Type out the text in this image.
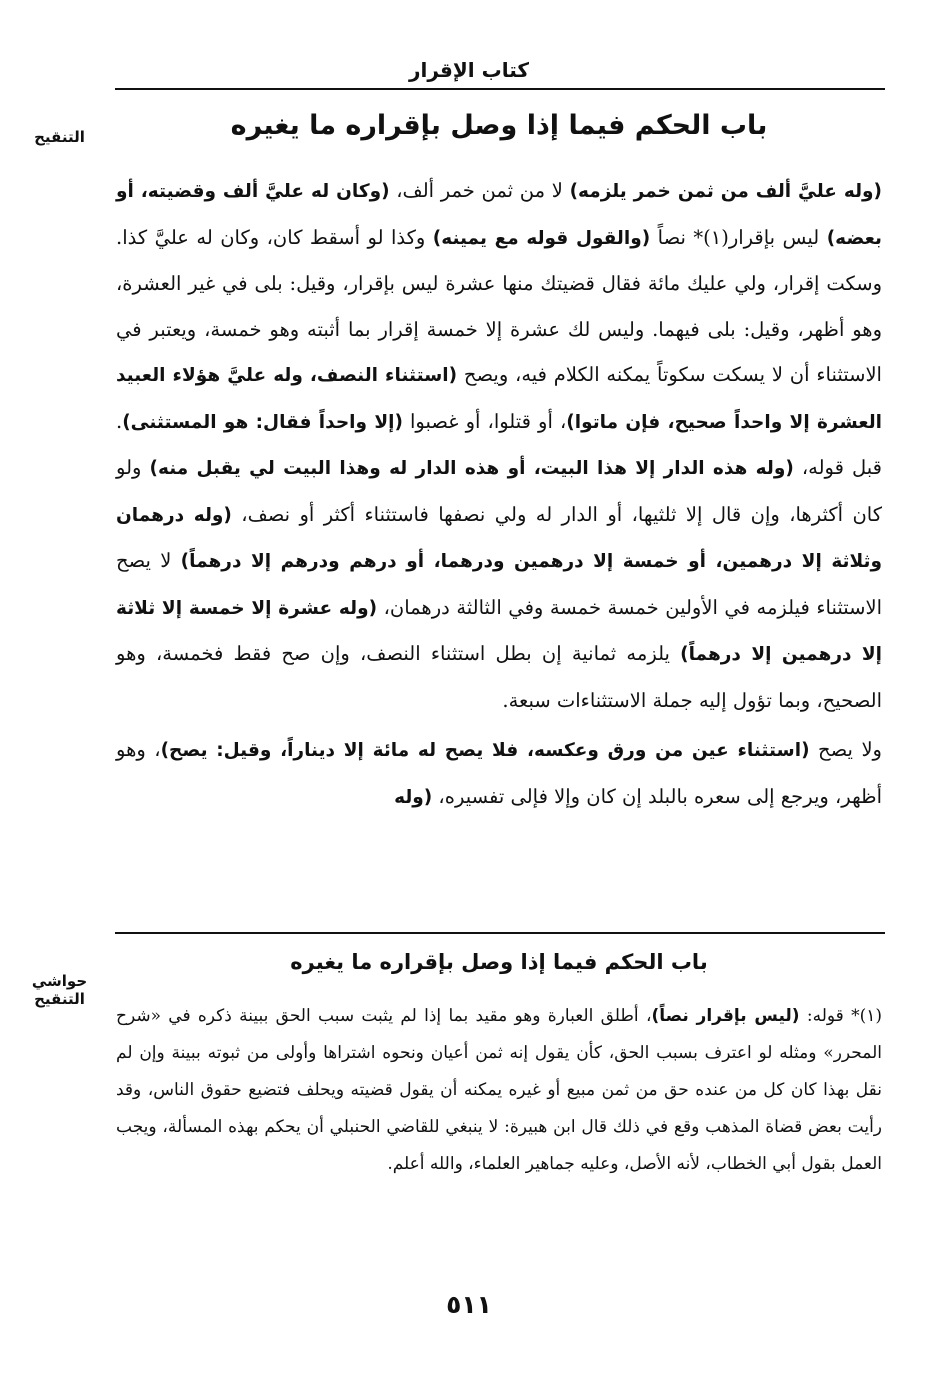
كتاب الإقرار
التنقيح	باب الحكم فيما إذا وصل بإقراره ما يغيره

(وله عليَّ ألف من ثمن خمر يلزمه) لا من ثمن خمر ألف، (وكان له عليَّ ألف وقضيته، أو بعضه) ليس بإقرار(١)* نصاً (والقول قوله مع يمينه) وكذا لو أسقط كان، وكان له عليَّ كذا. وسكت إقرار، ولي عليك مائة فقال قضيتك منها عشرة ليس بإقرار، وقيل: بلى في غير العشرة، وهو أظهر، وقيل: بلى فيهما. وليس لك عشرة إلا خمسة إقرار بما أثبته وهو خمسة، ويعتبر في الاستثناء أن لا يسكت سكوتاً يمكنه الكلام فيه، ويصح (استثناء النصف، وله عليَّ هؤلاء العبيد العشرة إلا واحداً صحيح، فإن ماتوا)، أو قتلوا، أو غصبوا (إلا واحداً فقال: هو المستثنى). قبل قوله، (وله هذه الدار إلا هذا البيت، أو هذه الدار له وهذا البيت لي يقبل منه) ولو كان أكثرها، وإن قال إلا ثلثيها، أو الدار له ولي نصفها فاستثناء أكثر أو نصف، (وله درهمان وثلاثة إلا درهمين، أو خمسة إلا درهمين ودرهما، أو درهم ودرهم إلا درهماً) لا يصح الاستثناء فيلزمه في الأولين خمسة خمسة وفي الثالثة درهمان، (وله عشرة إلا خمسة إلا ثلاثة إلا درهمين إلا درهماً) يلزمه ثمانية إن بطل استثناء النصف، وإن صح فقط فخمسة، وهو الصحيح، وبما تؤول إليه جملة الاستثناءات سبعة.

ولا يصح (استثناء عين من ورق وعكسه، فلا يصح له مائة إلا ديناراً، وقيل: يصح)، وهو أظهر، ويرجع إلى سعره بالبلد إن كان وإلا فإلى تفسيره، (وله

حواشي التنقيح
باب الحكم فيما إذا وصل بإقراره ما يغيره

(١)* قوله: (ليس بإقرار نصاً)، أطلق العبارة وهو مقيد بما إذا لم يثبت سبب الحق ببينة ذكره في «شرح المحرر» ومثله لو اعترف بسبب الحق، كأن يقول إنه ثمن أعيان ونحوه اشتراها وأولى من ثبوته ببينة وإن لم نقل بهذا كان كل من عنده حق من ثمن مبيع أو غيره يمكنه أن يقول قضيته ويحلف فتضيع حقوق الناس، وقد رأيت بعض قضاة المذهب وقع في ذلك قال ابن هبيرة: لا ينبغي للقاضي الحنبلي أن يحكم بهذه المسألة، ويجب العمل بقول أبي الخطاب، لأنه الأصل، وعليه جماهير العلماء، والله أعلم.

٥١١
